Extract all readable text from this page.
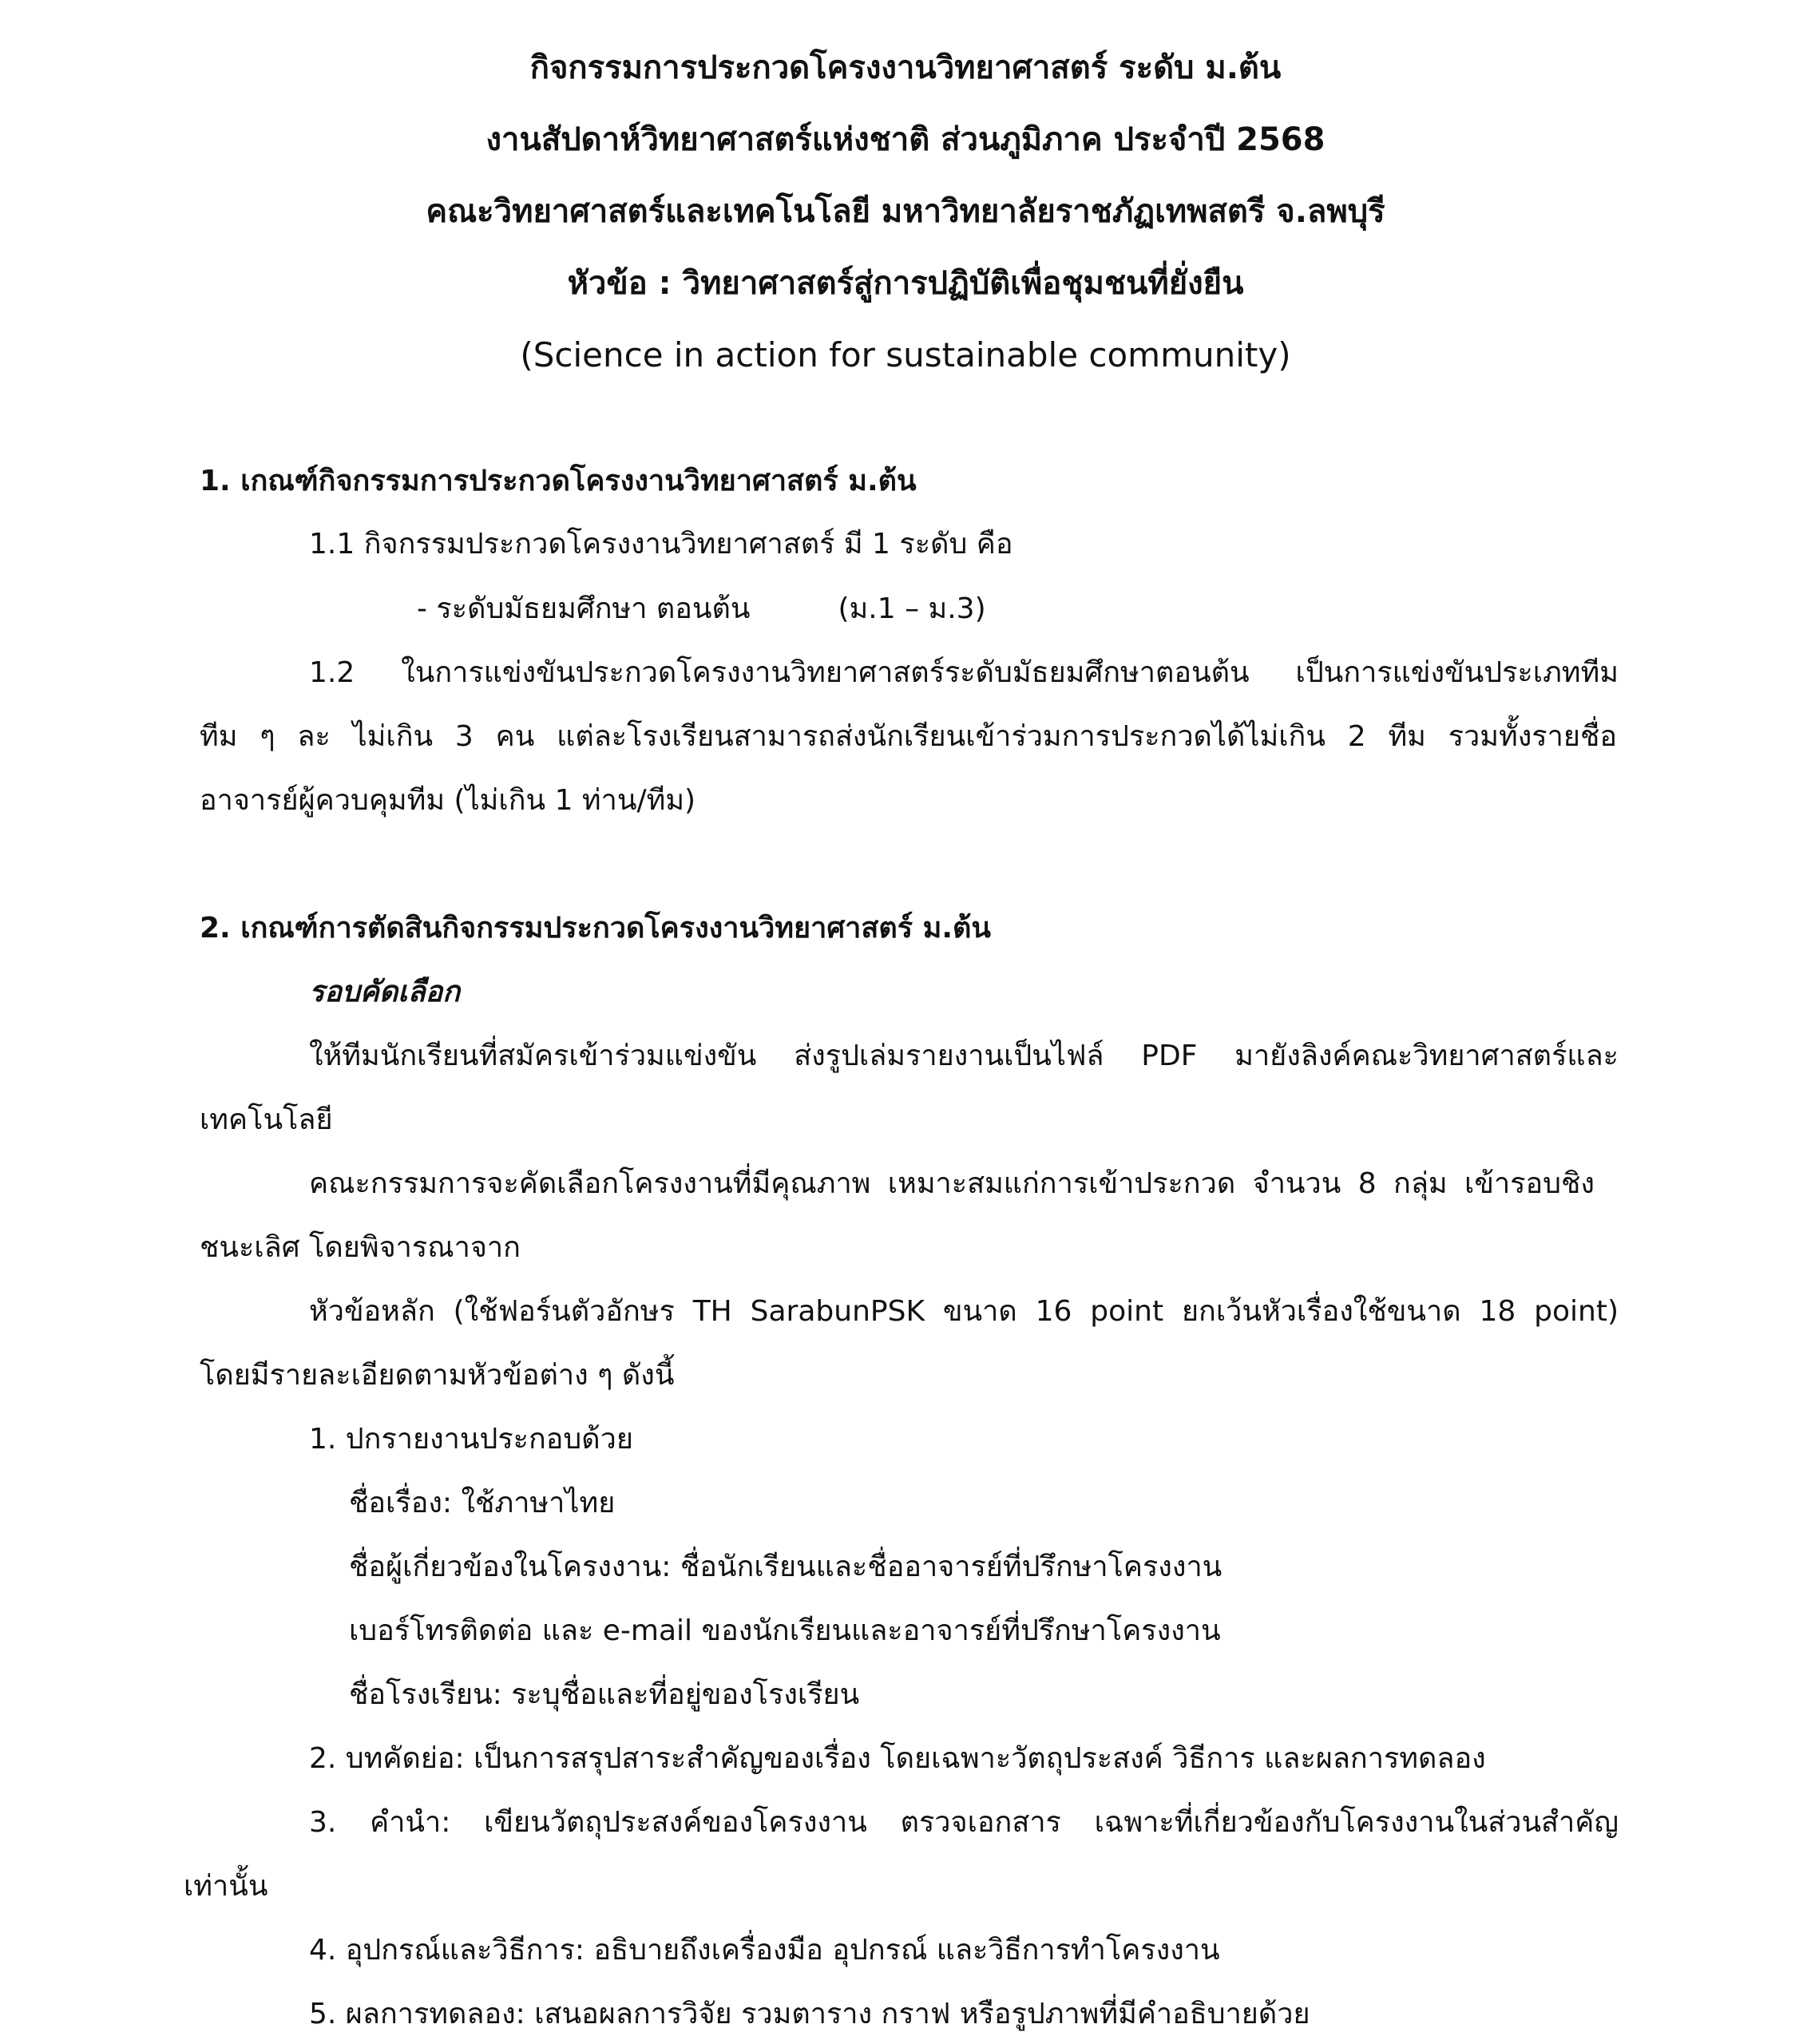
กิจกรรมการประกวดโครงงานวิทยาศาสตร์ ระดับ ม.ต้น
งานสัปดาห์วิทยาศาสตร์แห่งชาติ ส่วนภูมิภาค ประจำปี 2568
คณะวิทยาศาสตร์และเทคโนโลยี มหาวิทยาลัยราชภัฏเทพสตรี จ.ลพบุรี
หัวข้อ : วิทยาศาสตร์สู่การปฏิบัติเพื่อชุมชนที่ยั่งยืน
(Science in action for sustainable community)
1. เกณฑ์กิจกรรมการประกวดโครงงานวิทยาศาสตร์ ม.ต้น
1.1 กิจกรรมประกวดโครงงานวิทยาศาสตร์ มี 1 ระดับ คือ
- ระดับมัธยมศึกษา ตอนต้น	(ม.1 – ม.3)
1.2 ในการแข่งขันประกวดโครงงานวิทยาศาสตร์ระดับมัธยมศึกษาตอนต้น เป็นการแข่งขันประเภททีม
ทีม ๆ ละ ไม่เกิน 3 คน แต่ละโรงเรียนสามารถส่งนักเรียนเข้าร่วมการประกวดได้ไม่เกิน 2 ทีม รวมทั้งรายชื่อ
อาจารย์ผู้ควบคุมทีม (ไม่เกิน 1 ท่าน/ทีม)
2. เกณฑ์การตัดสินกิจกรรมประกวดโครงงานวิทยาศาสตร์ ม.ต้น
รอบคัดเลือก
ให้ทีมนักเรียนที่สมัครเข้าร่วมแข่งขัน ส่งรูปเล่มรายงานเป็นไฟล์ PDF มายังลิงค์คณะวิทยาศาสตร์และ
เทคโนโลยี
คณะกรรมการจะคัดเลือกโครงงานที่มีคุณภาพ เหมาะสมแก่การเข้าประกวด จำนวน 8 กลุ่ม เข้ารอบชิง
ชนะเลิศ โดยพิจารณาจาก
หัวข้อหลัก (ใช้ฟอร์นตัวอักษร TH SarabunPSK ขนาด 16 point ยกเว้นหัวเรื่องใช้ขนาด 18 point)
โดยมีรายละเอียดตามหัวข้อต่าง ๆ ดังนี้
1. ปกรายงานประกอบด้วย
ชื่อเรื่อง: ใช้ภาษาไทย
ชื่อผู้เกี่ยวข้องในโครงงาน: ชื่อนักเรียนและชื่ออาจารย์ที่ปรึกษาโครงงาน
เบอร์โทรติดต่อ และ e-mail ของนักเรียนและอาจารย์ที่ปรึกษาโครงงาน
ชื่อโรงเรียน: ระบุชื่อและที่อยู่ของโรงเรียน
2. บทคัดย่อ: เป็นการสรุปสาระสำคัญของเรื่อง โดยเฉพาะวัตถุประสงค์ วิธีการ และผลการทดลอง
3. คำนำ: เขียนวัตถุประสงค์ของโครงงาน ตรวจเอกสาร เฉพาะที่เกี่ยวข้องกับโครงงานในส่วนสำคัญ
เท่านั้น
4. อุปกรณ์และวิธีการ: อธิบายถึงเครื่องมือ อุปกรณ์ และวิธีการทำโครงงาน
5. ผลการทดลอง: เสนอผลการวิจัย รวมตาราง กราฟ หรือรูปภาพที่มีคำอธิบายด้วย
